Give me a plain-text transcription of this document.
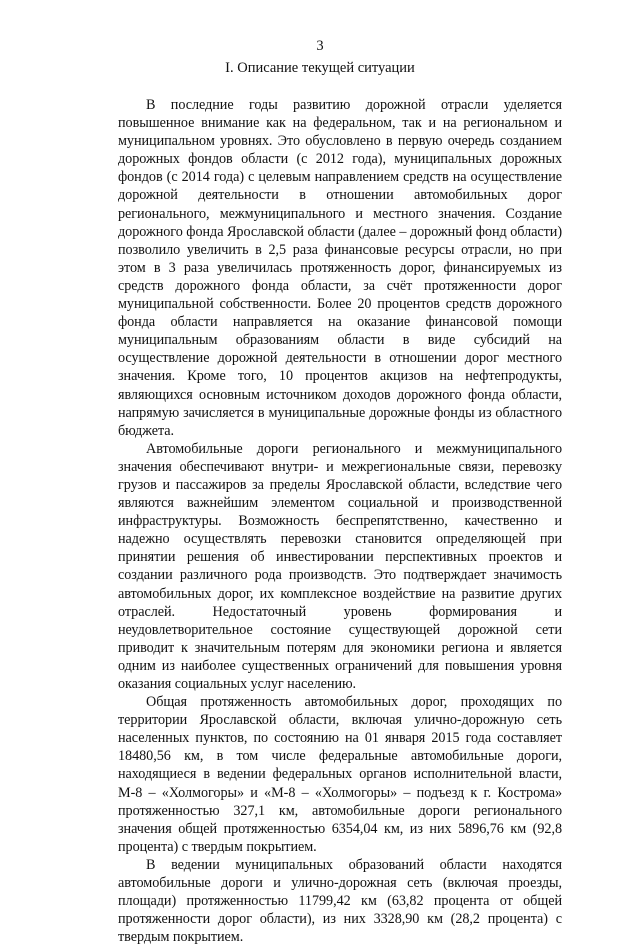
3
I. Описание текущей ситуации

В последние годы развитию дорожной отрасли уделяется повышенное внимание как на федеральном, так и на региональном и муниципальном уровнях. Это обусловлено в первую очередь созданием дорожных фондов области (с 2012 года), муниципальных дорожных фондов (с 2014 года) с целевым направлением средств на осуществление дорожной деятельности в отношении автомобильных дорог регионального, межмуниципального и местного значения. Создание дорожного фонда Ярославской области (далее – дорожный фонд области) позволило увеличить в 2,5 раза финансовые ресурсы отрасли, но при этом в 3 раза увеличилась протяженность дорог, финансируемых из средств дорожного фонда области, за счёт протяженности дорог муниципальной собственности. Более 20 процентов средств дорожного фонда области направляется на оказание финансовой помощи муниципальным образованиям области в виде субсидий на осуществление дорожной деятельности в отношении дорог местного значения. Кроме того, 10 процентов акцизов на нефтепродукты, являющихся основным источником доходов дорожного фонда области, напрямую зачисляется в муниципальные дорожные фонды из областного бюджета.

Автомобильные дороги регионального и межмуниципального значения обеспечивают внутри- и межрегиональные связи, перевозку грузов и пассажиров за пределы Ярославской области, вследствие чего являются важнейшим элементом социальной и производственной инфраструктуры. Возможность беспрепятственно, качественно и надежно осуществлять перевозки становится определяющей при принятии решения об инвестировании перспективных проектов и создании различного рода производств. Это подтверждает значимость автомобильных дорог, их комплексное воздействие на развитие других отраслей. Недостаточный уровень формирования и неудовлетворительное состояние существующей дорожной сети приводит к значительным потерям для экономики региона и является одним из наиболее существенных ограничений для повышения уровня оказания социальных услуг населению.

Общая протяженность автомобильных дорог, проходящих по территории Ярославской области, включая улично-дорожную сеть населенных пунктов, по состоянию на 01 января 2015 года составляет 18480,56 км, в том числе федеральные автомобильные дороги, находящиеся в ведении федеральных органов исполнительной власти, М-8 – «Холмогоры» и «М-8 – «Холмогоры» – подъезд к г. Кострома» протяженностью 327,1 км, автомобильные дороги регионального значения общей протяженностью 6354,04 км, из них 5896,76 км (92,8 процента) с твердым покрытием.

В ведении муниципальных образований области находятся автомобильные дороги и улично-дорожная сеть (включая проезды, площади) протяженностью 11799,42 км (63,82 процента от общей протяженности дорог области), из них 3328,90 км (28,2 процента) с твердым покрытием.
